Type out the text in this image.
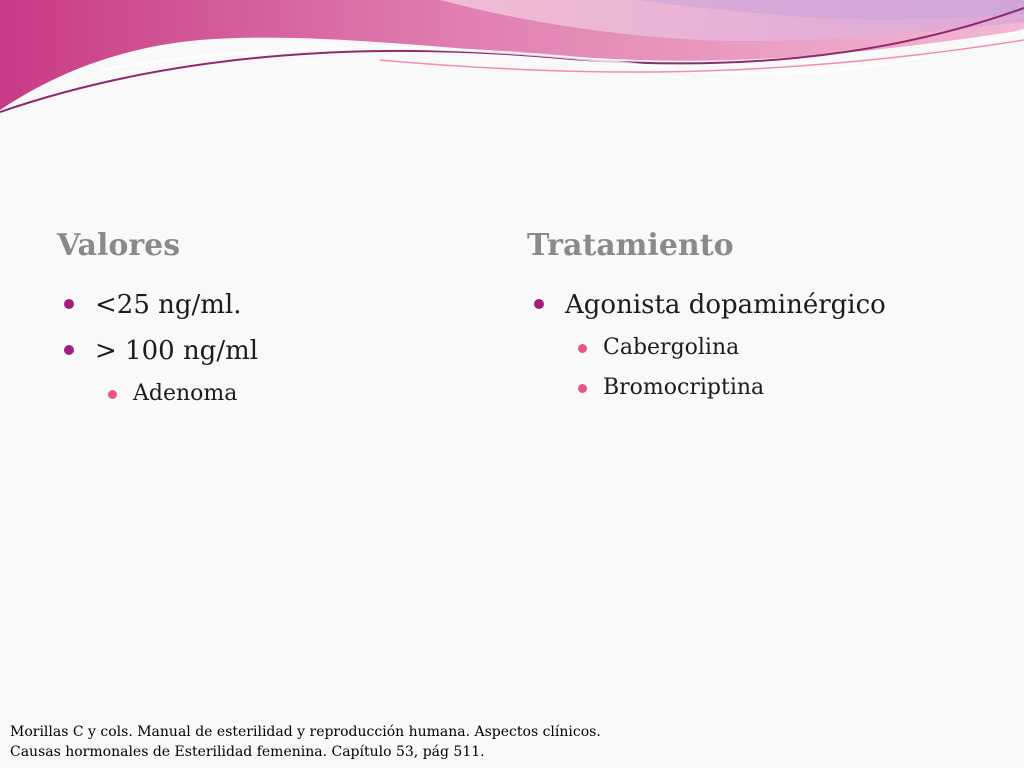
Valores
<25 ng/ml.
> 100 ng/ml
Adenoma
Tratamiento
Agonista dopaminérgico
Cabergolina
Bromocriptina
Morillas C y cols. Manual de esterilidad y reproducción humana. Aspectos clínicos.
Causas hormonales de Esterilidad femenina. Capítulo 53, pág 511.
